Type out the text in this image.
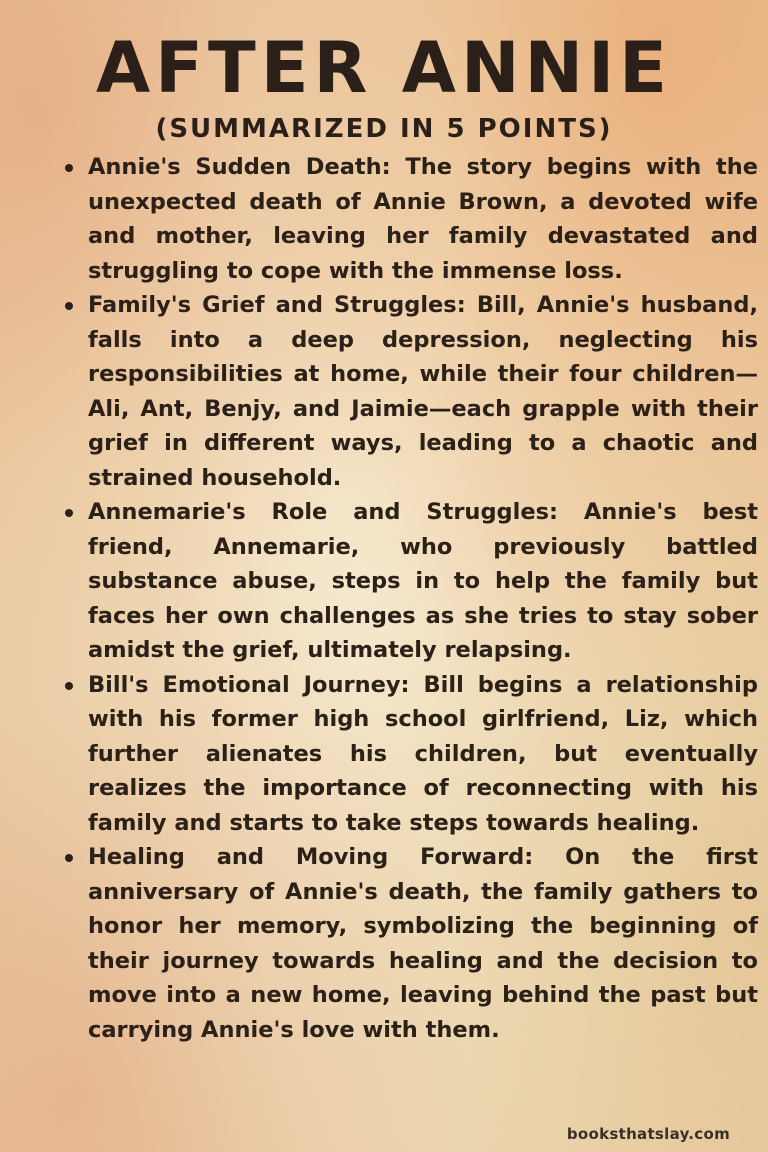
AFTER ANNIE
(SUMMARIZED IN 5 POINTS)
Annie's Sudden Death: The story begins with the unexpected death of Annie Brown, a devoted wife and mother, leaving her family devastated and struggling to cope with the immense loss.
Family's Grief and Struggles: Bill, Annie's husband, falls into a deep depression, neglecting his responsibilities at home, while their four children—Ali, Ant, Benjy, and Jaimie—each grapple with their grief in different ways, leading to a chaotic and strained household.
Annemarie's Role and Struggles: Annie's best friend, Annemarie, who previously battled substance abuse, steps in to help the family but faces her own challenges as she tries to stay sober amidst the grief, ultimately relapsing.
Bill's Emotional Journey: Bill begins a relationship with his former high school girlfriend, Liz, which further alienates his children, but eventually realizes the importance of reconnecting with his family and starts to take steps towards healing.
Healing and Moving Forward: On the first anniversary of Annie's death, the family gathers to honor her memory, symbolizing the beginning of their journey towards healing and the decision to move into a new home, leaving behind the past but carrying Annie's love with them.
booksthatslay.com
